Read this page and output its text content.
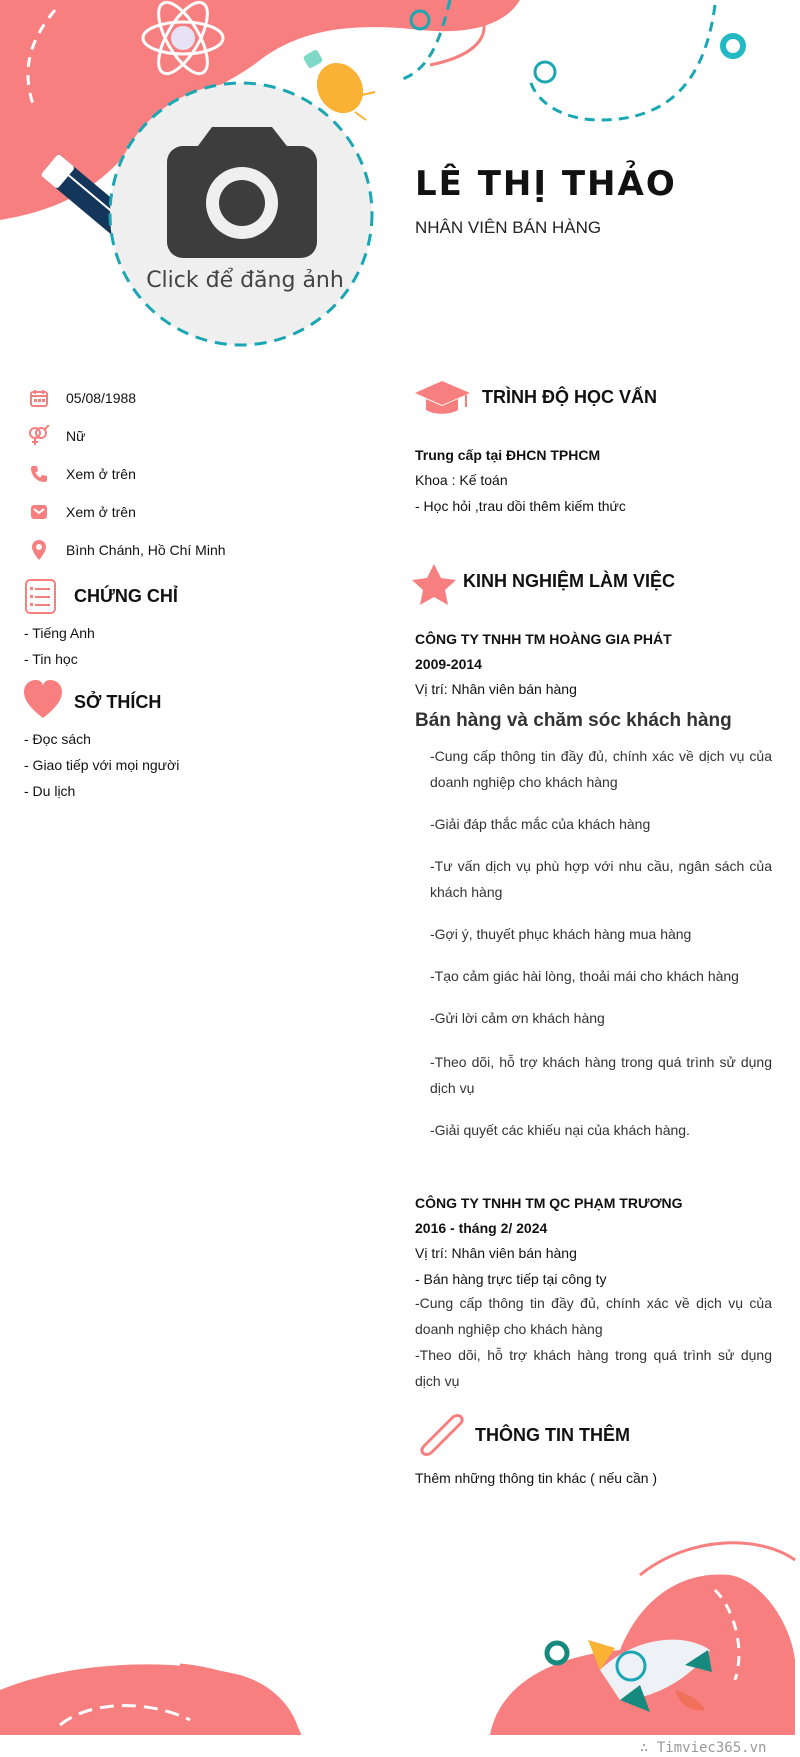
Click để đăng ảnh
LÊ THỊ THẢO
NHÂN VIÊN BÁN HÀNG
05/08/1988
Nữ
Xem ở trên
Xem ở trên
Bình Chánh, Hồ Chí Minh
CHỨNG CHỈ
- Tiếng Anh
- Tin học
SỞ THÍCH
- Đọc sách
- Giao tiếp với mọi người
- Du lịch
TRÌNH ĐỘ HỌC VẤN
Trung cấp tại ĐHCN TPHCM
Khoa : Kế toán
- Học hỏi ,trau dồi thêm kiếm thức
KINH NGHIỆM LÀM VIỆC
CÔNG TY TNHH TM HOÀNG GIA PHÁT
2009-2014
Vị trí: Nhân viên bán hàng
Bán hàng và chăm sóc khách hàng
-Cung cấp thông tin đầy đủ, chính xác về dịch vụ của doanh nghiệp cho khách hàng
-Giải đáp thắc mắc của khách hàng
-Tư vấn dịch vụ phù hợp với nhu cầu, ngân sách của khách hàng
-Gợi ý, thuyết phục khách hàng mua hàng
-Tạo cảm giác hài lòng, thoải mái cho khách hàng
-Gửi lời cảm ơn khách hàng
-Theo dõi, hỗ trợ khách hàng trong quá trình sử dụng dịch vụ
-Giải quyết các khiếu nại của khách hàng.
CÔNG TY TNHH TM QC PHẠM TRƯƠNG
2016 - tháng 2/ 2024
Vị trí: Nhân viên bán hàng
- Bán hàng trực tiếp tại công ty
-Cung cấp thông tin đầy đủ, chính xác về dịch vụ của doanh nghiệp cho khách hàng
-Theo dõi, hỗ trợ khách hàng trong quá trình sử dụng dịch vụ
THÔNG TIN THÊM
Thêm những thông tin khác ( nếu cần )
∴ Timviec365.vn
